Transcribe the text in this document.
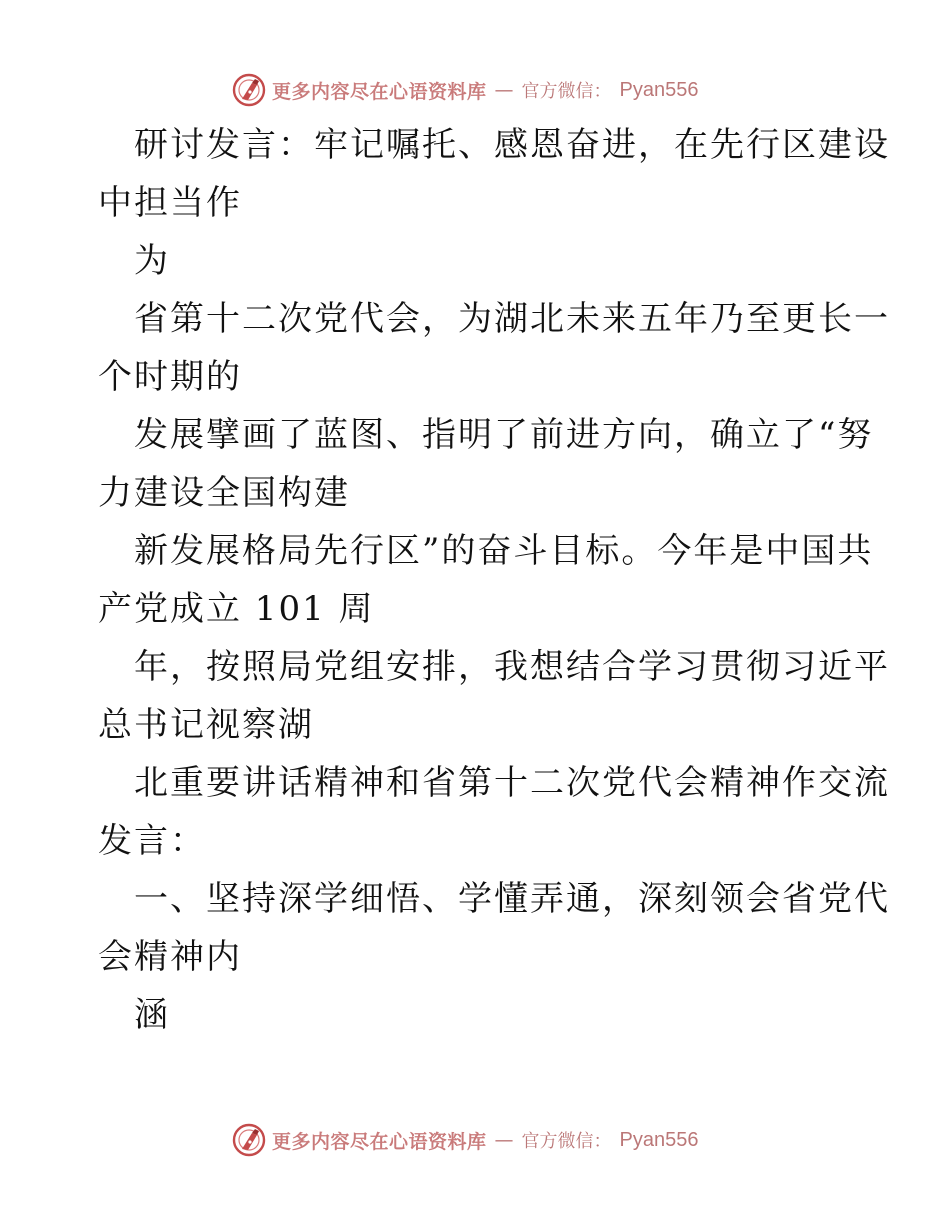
更多内容尽在心语资料库 — 官方微信： Pyan556
研讨发言：牢记嘱托、感恩奋进，在先行区建设
中担当作
为
省第十二次党代会，为湖北未来五年乃至更长一
个时期的
发展擘画了蓝图、指明了前进方向，确立了“努
力建设全国构建
新发展格局先行区”的奋斗目标。今年是中国共
产党成立 101 周
年，按照局党组安排，我想结合学习贯彻习近平
总书记视察湖
北重要讲话精神和省第十二次党代会精神作交流
发言：
一、坚持深学细悟、学懂弄通，深刻领会省党代
会精神内
涵
更多内容尽在心语资料库 — 官方微信： Pyan556
